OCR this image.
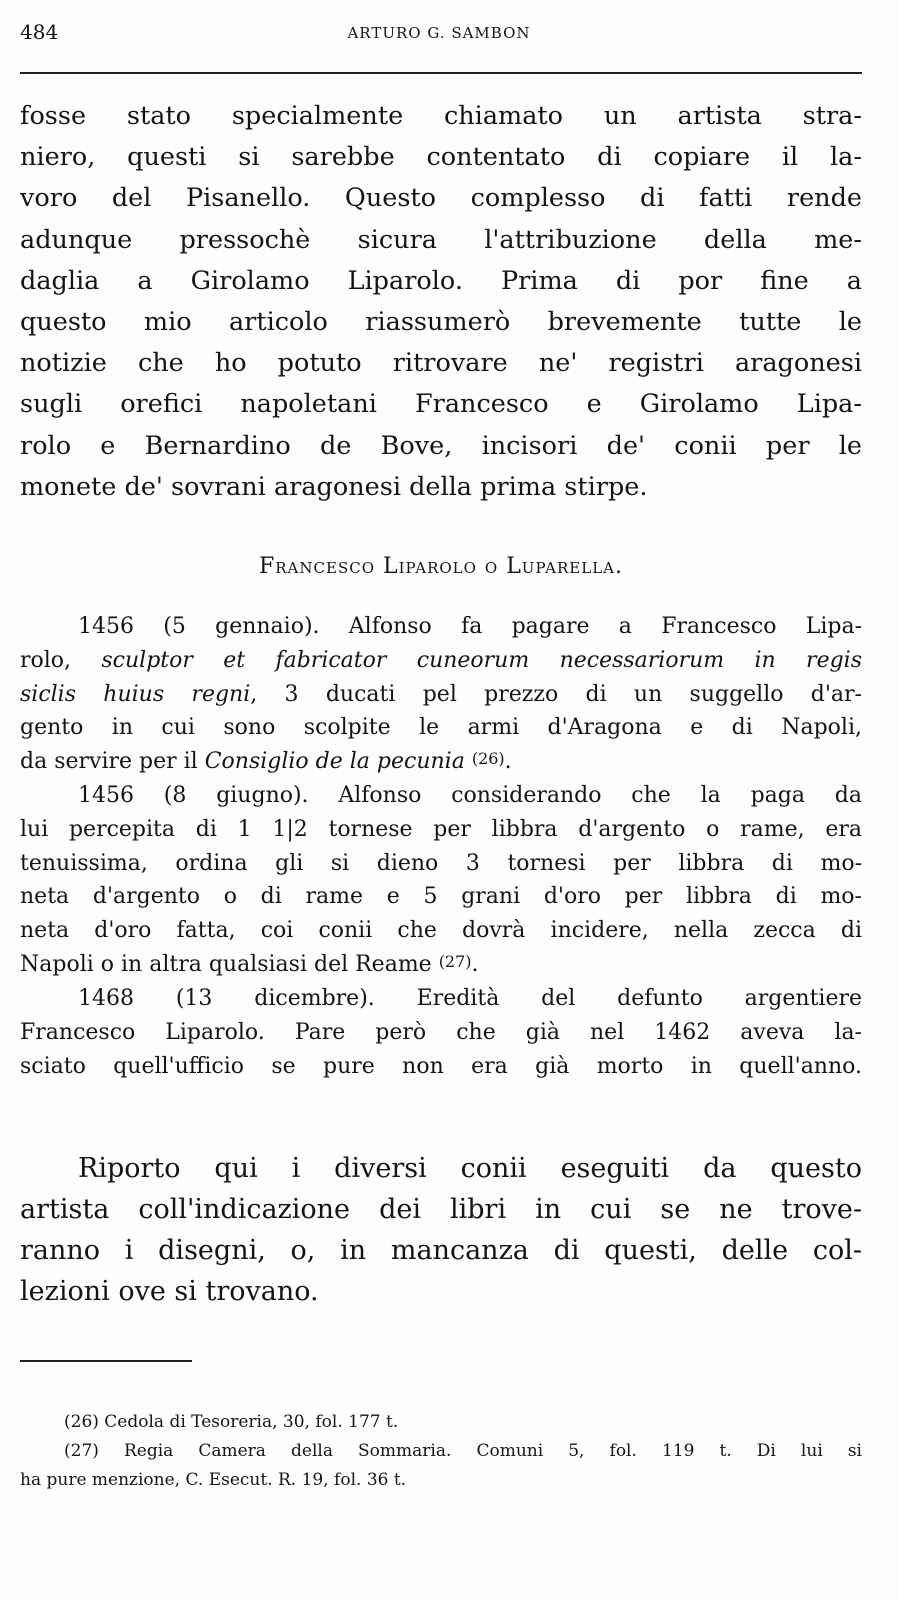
484	ARTURO G. SAMBON
fosse stato specialmente chiamato un artista stra-
niero, questi si sarebbe contentato di copiare il la-
voro del Pisanello. Questo complesso di fatti rende
adunque pressochè sicura l'attribuzione della me-
daglia a Girolamo Liparolo. Prima di por fine a
questo mio articolo riassumerò brevemente tutte le
notizie che ho potuto ritrovare ne' registri aragonesi
sugli orefici napoletani Francesco e Girolamo Lipa-
rolo e Bernardino de Bove, incisori de' conii per le
monete de' sovrani aragonesi della prima stirpe.
Francesco Liparolo o Luparella.
1456 (5 gennaio). Alfonso fa pagare a Francesco Lipa-
rolo, sculptor et fabricator cuneorum necessariorum in regis
siclis huius regni, 3 ducati pel prezzo di un suggello d'ar-
gento in cui sono scolpite le armi d'Aragona e di Napoli,
da servire per il Consiglio de la pecunia (26).
1456 (8 giugno). Alfonso considerando che la paga da
lui percepita di 1 1|2 tornese per libbra d'argento o rame, era
tenuissima, ordina gli si dieno 3 tornesi per libbra di mo-
neta d'argento o di rame e 5 grani d'oro per libbra di mo-
neta d'oro fatta, coi conii che dovrà incidere, nella zecca di
Napoli o in altra qualsiasi del Reame (27).
1468 (13 dicembre). Eredità del defunto argentiere
Francesco Liparolo. Pare però che già nel 1462 aveva la-
sciato quell'ufficio se pure non era già morto in quell'anno.
Riporto qui i diversi conii eseguiti da questo
artista coll'indicazione dei libri in cui se ne trove-
ranno i disegni, o, in mancanza di questi, delle col-
lezioni ove si trovano.
(26) Cedola di Tesoreria, 30, fol. 177 t.
(27) Regia Camera della Sommaria. Comuni 5, fol. 119 t. Di lui si
ha pure menzione, C. Esecut. R. 19, fol. 36 t.
